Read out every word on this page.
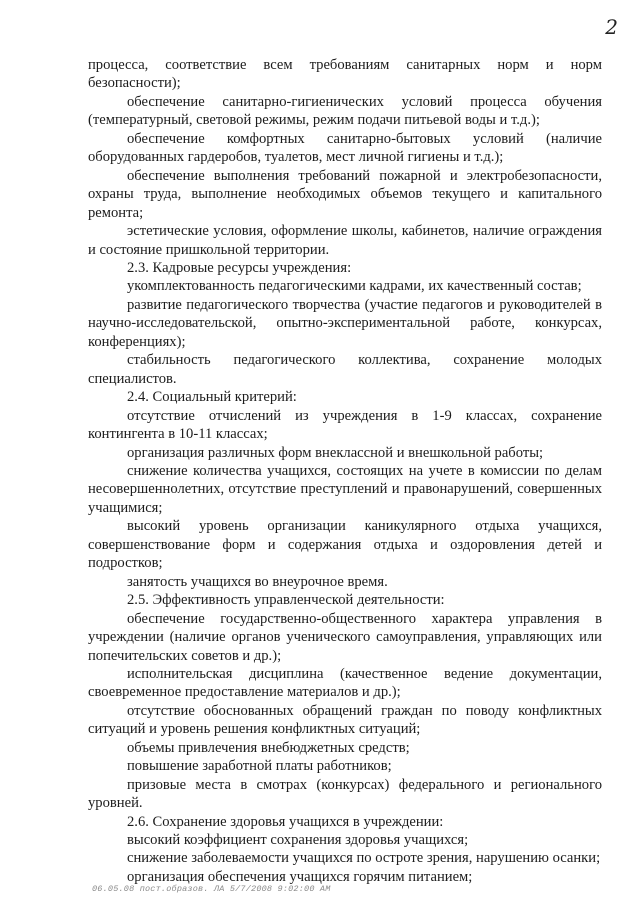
2

процесса, соответствие всем требованиям санитарных норм и норм безопасности);

обеспечение санитарно-гигиенических условий процесса обучения (температурный, световой режимы, режим подачи питьевой воды и т.д.);

обеспечение комфортных санитарно-бытовых условий (наличие оборудованных гардеробов, туалетов, мест личной гигиены и т.д.);

обеспечение выполнения требований пожарной и электробезопасности, охраны труда, выполнение необходимых объемов текущего и капитального ремонта;

эстетические условия, оформление школы, кабинетов, наличие ограждения и состояние пришкольной территории.

2.3. Кадровые ресурсы учреждения:

укомплектованность педагогическими кадрами, их качественный состав;

развитие педагогического творчества (участие педагогов и руководителей в научно-исследовательской, опытно-экспериментальной работе, конкурсах, конференциях);

стабильность педагогического коллектива, сохранение молодых специалистов.

2.4. Социальный критерий:

отсутствие отчислений из учреждения в 1-9 классах, сохранение контингента в 10-11 классах;

организация различных форм внеклассной и внешкольной работы;

снижение количества учащихся, состоящих на учете в комиссии по делам несовершеннолетних, отсутствие преступлений и правонарушений, совершенных учащимися;

высокий уровень организации каникулярного отдыха учащихся, совершенствование форм и содержания отдыха и оздоровления детей и подростков;

занятость учащихся во внеурочное время.

2.5. Эффективность управленческой деятельности:

обеспечение государственно-общественного характера управления в учреждении (наличие органов ученического самоуправления, управляющих или попечительских советов и др.);

исполнительская дисциплина (качественное ведение документации, своевременное предоставление материалов и др.);

отсутствие обоснованных обращений граждан по поводу конфликтных ситуаций и уровень решения конфликтных ситуаций;

объемы привлечения внебюджетных средств;

повышение заработной платы работников;

призовые места в смотрах (конкурсах) федерального и регионального уровней.

2.6. Сохранение здоровья учащихся в учреждении:

высокий коэффициент сохранения здоровья учащихся;

снижение заболеваемости учащихся по остроте зрения, нарушению осанки;

организация обеспечения учащихся горячим питанием;

06.05.08 пост.образов. ЛА 5/7/2008 9:02:00 AM
